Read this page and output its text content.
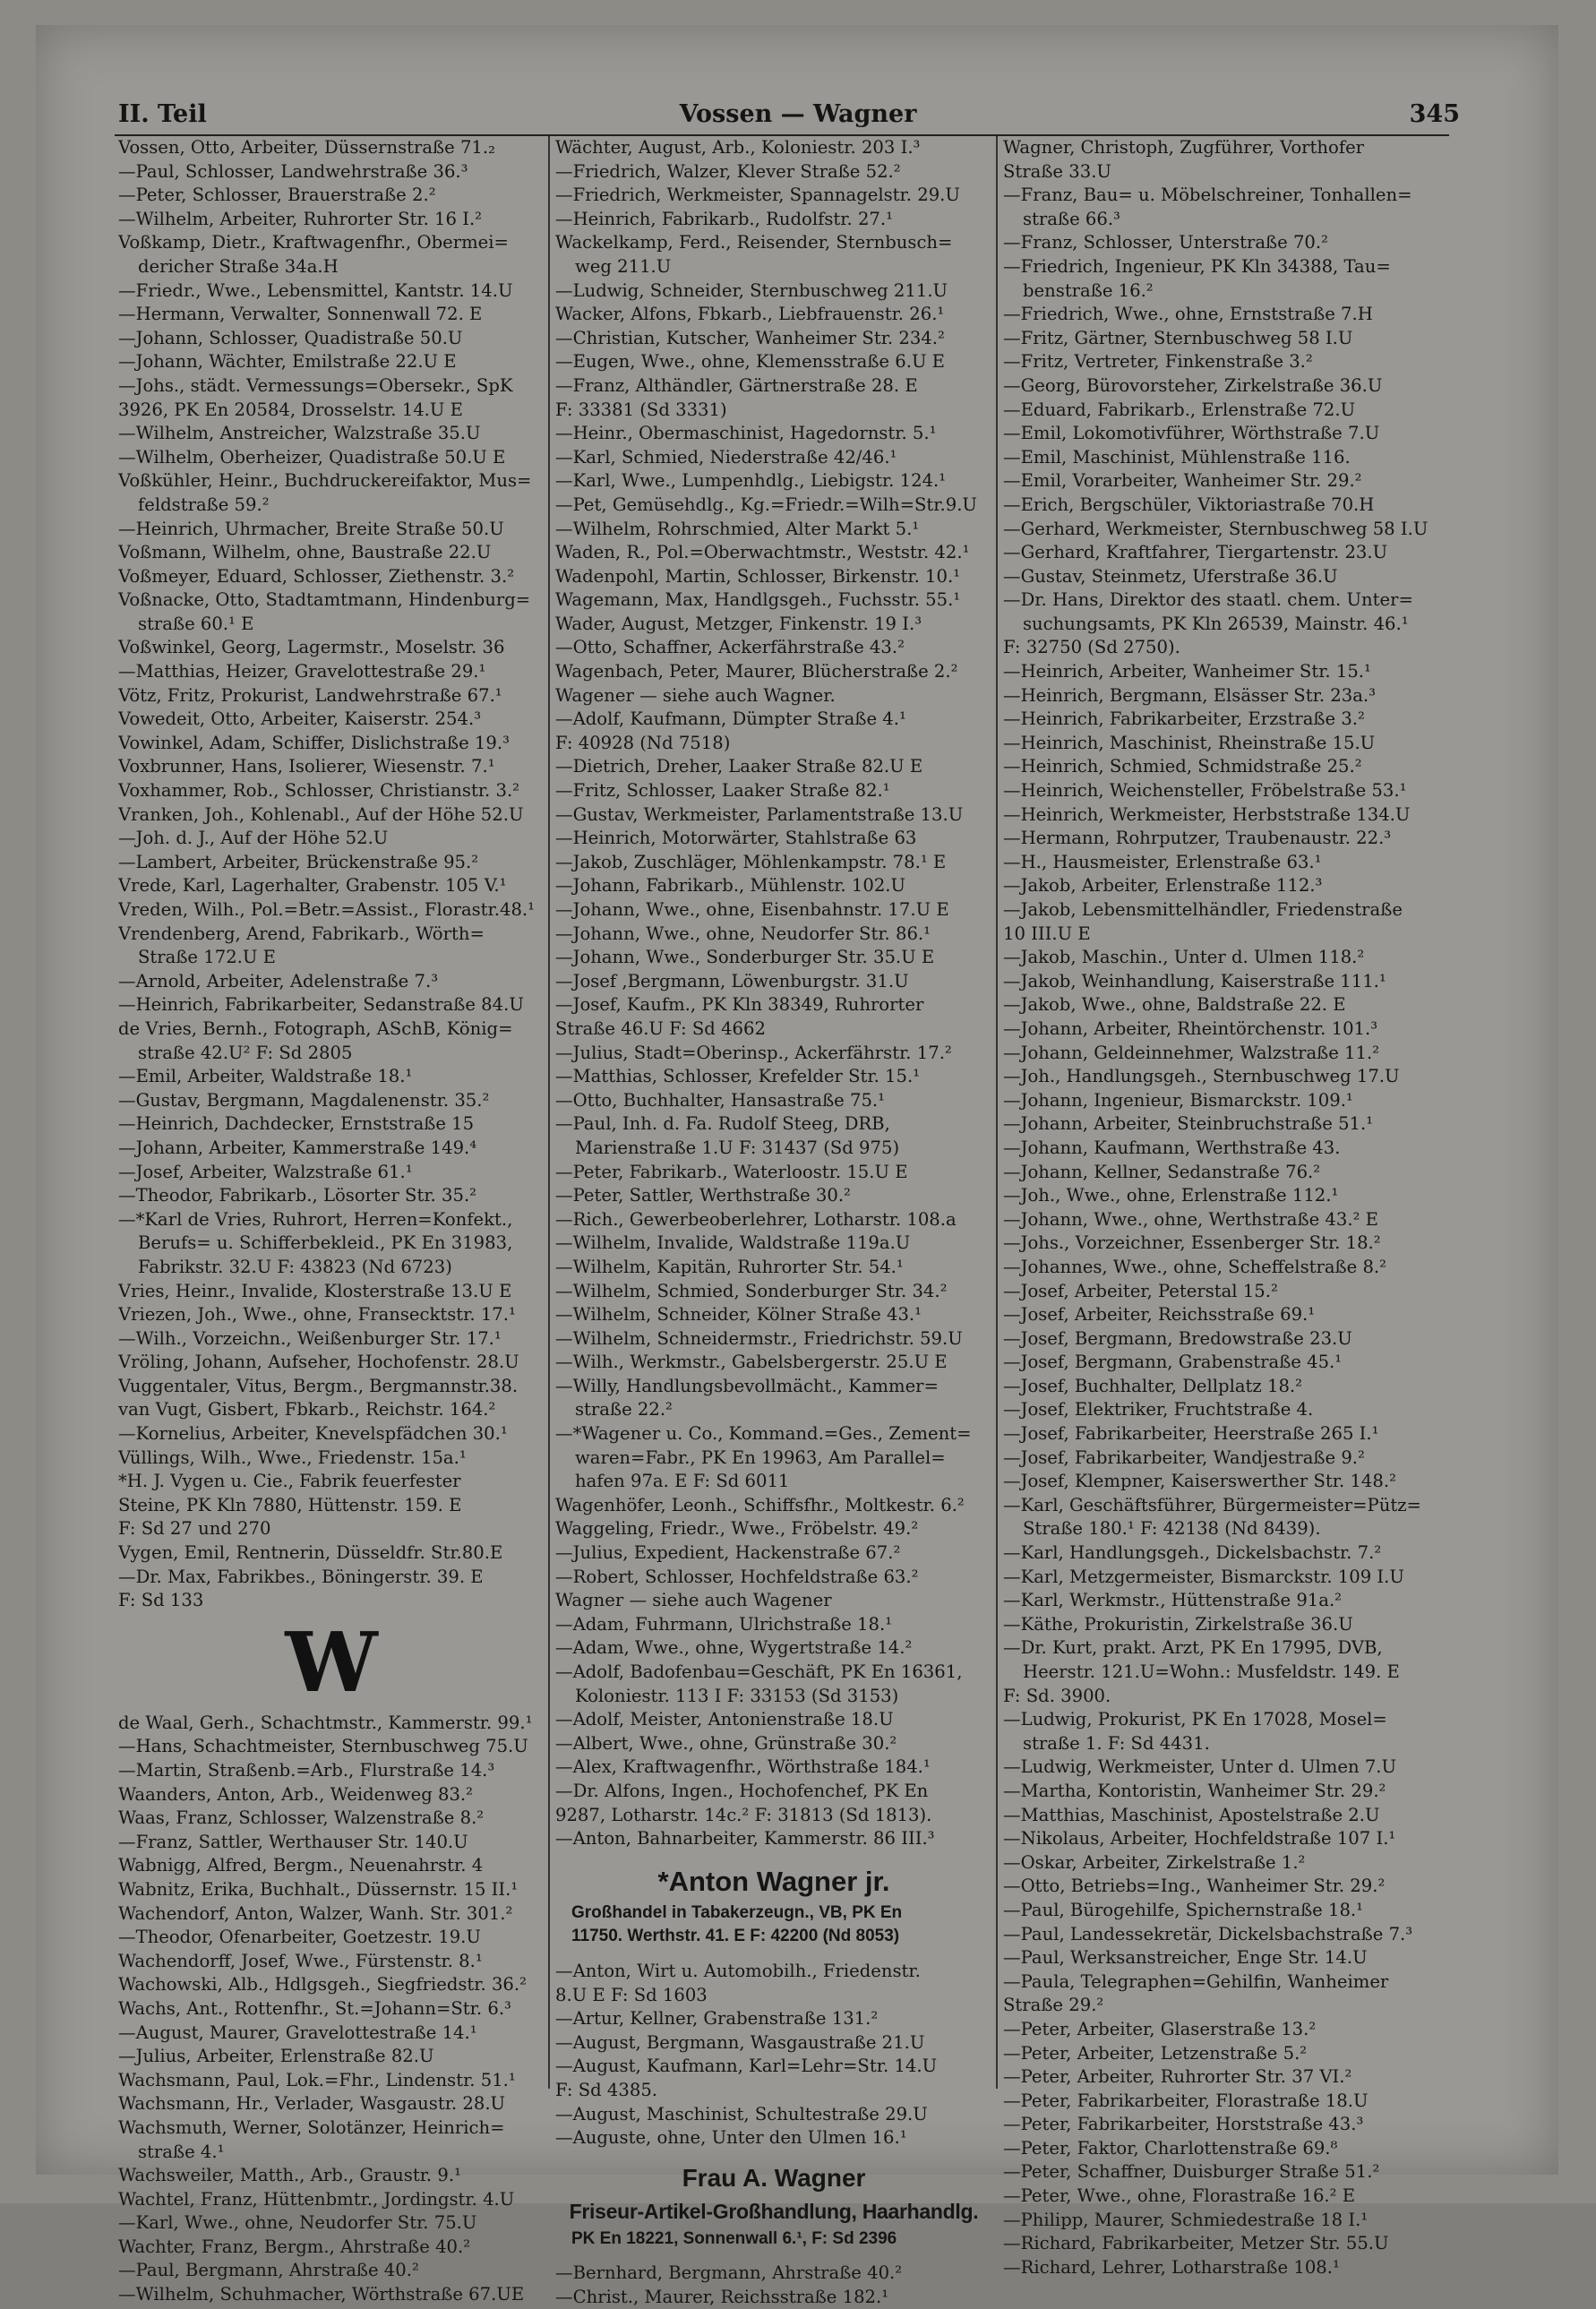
II. Teil	Vossen — Wagner	345
Vossen, Otto, Arbeiter, Düssernstraße 71.₂
—Paul, Schlosser, Landwehrstraße 36.³
—Peter, Schlosser, Brauerstraße 2.²
—Wilhelm, Arbeiter, Ruhrorter Str. 16 I.²
Voßkamp, Dietr., Kraftwagenfhr., Obermei=
dericher Straße 34a.H
—Friedr., Wwe., Lebensmittel, Kantstr. 14.U
—Hermann, Verwalter, Sonnenwall 72. E
—Johann, Schlosser, Quadistraße 50.U
—Johann, Wächter, Emilstraße 22.U E
—Johs., städt. Vermessungs=Obersekr., SpK
3926, PK En 20584, Drosselstr. 14.U E
—Wilhelm, Anstreicher, Walzstraße 35.U
—Wilhelm, Oberheizer, Quadistraße 50.U E
Voßkühler, Heinr., Buchdruckereifaktor, Mus=
feldstraße 59.²
—Heinrich, Uhrmacher, Breite Straße 50.U
Voßmann, Wilhelm, ohne, Baustraße 22.U
Voßmeyer, Eduard, Schlosser, Ziethenstr. 3.²
Voßnacke, Otto, Stadtamtmann, Hindenburg=
straße 60.¹ E
Voßwinkel, Georg, Lagermstr., Moselstr. 36
—Matthias, Heizer, Gravelottestraße 29.¹
Vötz, Fritz, Prokurist, Landwehrstraße 67.¹
Vowedeit, Otto, Arbeiter, Kaiserstr. 254.³
Vowinkel, Adam, Schiffer, Dislichstraße 19.³
Voxbrunner, Hans, Isolierer, Wiesenstr. 7.¹
Voxhammer, Rob., Schlosser, Christianstr. 3.²
Vranken, Joh., Kohlenabl., Auf der Höhe 52.U
—Joh. d. J., Auf der Höhe 52.U
—Lambert, Arbeiter, Brückenstraße 95.²
Vrede, Karl, Lagerhalter, Grabenstr. 105 V.¹
Vreden, Wilh., Pol.=Betr.=Assist., Florastr.48.¹
Vrendenberg, Arend, Fabrikarb., Wörth=
Straße 172.U E
—Arnold, Arbeiter, Adelenstraße 7.³
—Heinrich, Fabrikarbeiter, Sedanstraße 84.U
de Vries, Bernh., Fotograph, ASchB, König=
straße 42.U² F: Sd 2805
—Emil, Arbeiter, Waldstraße 18.¹
—Gustav, Bergmann, Magdalenenstr. 35.²
—Heinrich, Dachdecker, Ernststraße 15
—Johann, Arbeiter, Kammerstraße 149.⁴
—Josef, Arbeiter, Walzstraße 61.¹
—Theodor, Fabrikarb., Lösorter Str. 35.²
—*Karl de Vries, Ruhrort, Herren=Konfekt.,
Berufs= u. Schifferbekleid., PK En 31983,
Fabrikstr. 32.U F: 43823 (Nd 6723)
Vries, Heinr., Invalide, Klosterstraße 13.U E
Vriezen, Joh., Wwe., ohne, Fransecktstr. 17.¹
—Wilh., Vorzeichn., Weißenburger Str. 17.¹
Vröling, Johann, Aufseher, Hochofenstr. 28.U
Vuggentaler, Vitus, Bergm., Bergmannstr.38.
van Vugt, Gisbert, Fbkarb., Reichstr. 164.²
—Kornelius, Arbeiter, Knevelspfädchen 30.¹
Vüllings, Wilh., Wwe., Friedenstr. 15a.¹
*H. J. Vygen u. Cie., Fabrik feuerfester
Steine, PK Kln 7880, Hüttenstr. 159. E
F: Sd 27 und 270
Vygen, Emil, Rentnerin, Düsseldfr. Str.80.E
—Dr. Max, Fabrikbes., Böningerstr. 39. E
F: Sd 133
W
de Waal, Gerh., Schachtmstr., Kammerstr. 99.¹
—Hans, Schachtmeister, Sternbuschweg 75.U
—Martin, Straßenb.=Arb., Flurstraße 14.³
Waanders, Anton, Arb., Weidenweg 83.²
Waas, Franz, Schlosser, Walzenstraße 8.²
—Franz, Sattler, Werthauser Str. 140.U
Wabnigg, Alfred, Bergm., Neuenahrstr. 4
Wabnitz, Erika, Buchhalt., Düssernstr. 15 II.¹
Wachendorf, Anton, Walzer, Wanh. Str. 301.²
—Theodor, Ofenarbeiter, Goetzestr. 19.U
Wachendorff, Josef, Wwe., Fürstenstr. 8.¹
Wachowski, Alb., Hdlgsgeh., Siegfriedstr. 36.²
Wachs, Ant., Rottenfhr., St.=Johann=Str. 6.³
—August, Maurer, Gravelottestraße 14.¹
—Julius, Arbeiter, Erlenstraße 82.U
Wachsmann, Paul, Lok.=Fhr., Lindenstr. 51.¹
Wachsmann, Hr., Verlader, Wasgaustr. 28.U
Wachsmuth, Werner, Solotänzer, Heinrich=
straße 4.¹
Wachsweiler, Matth., Arb., Graustr. 9.¹
Wachtel, Franz, Hüttenbmtr., Jordingstr. 4.U
—Karl, Wwe., ohne, Neudorfer Str. 75.U
Wachter, Franz, Bergm., Ahrstraße 40.²
—Paul, Bergmann, Ahrstraße 40.²
—Wilhelm, Schuhmacher, Wörthstraße 67.UE
Wächter, August, Arb., Koloniestr. 203 I.³
—Friedrich, Walzer, Klever Straße 52.²
—Friedrich, Werkmeister, Spannagelstr. 29.U
—Heinrich, Fabrikarb., Rudolfstr. 27.¹
Wackelkamp, Ferd., Reisender, Sternbusch=
weg 211.U
—Ludwig, Schneider, Sternbuschweg 211.U
Wacker, Alfons, Fbkarb., Liebfrauenstr. 26.¹
—Christian, Kutscher, Wanheimer Str. 234.²
—Eugen, Wwe., ohne, Klemensstraße 6.U E
—Franz, Althändler, Gärtnerstraße 28. E
F: 33381 (Sd 3331)
—Heinr., Obermaschinist, Hagedornstr. 5.¹
—Karl, Schmied, Niederstraße 42/46.¹
—Karl, Wwe., Lumpenhdlg., Liebigstr. 124.¹
—Pet, Gemüsehdlg., Kg.=Friedr.=Wilh=Str.9.U
—Wilhelm, Rohrschmied, Alter Markt 5.¹
Waden, R., Pol.=Oberwachtmstr., Weststr. 42.¹
Wadenpohl, Martin, Schlosser, Birkenstr. 10.¹
Wagemann, Max, Handlgsgeh., Fuchsstr. 55.¹
Wader, August, Metzger, Finkenstr. 19 I.³
—Otto, Schaffner, Ackerfährstraße 43.²
Wagenbach, Peter, Maurer, Blücherstraße 2.²
Wagener — siehe auch Wagner.
—Adolf, Kaufmann, Dümpter Straße 4.¹
F: 40928 (Nd 7518)
—Dietrich, Dreher, Laaker Straße 82.U E
—Fritz, Schlosser, Laaker Straße 82.¹
—Gustav, Werkmeister, Parlamentstraße 13.U
—Heinrich, Motorwärter, Stahlstraße 63
—Jakob, Zuschläger, Möhlenkampstr. 78.¹ E
—Johann, Fabrikarb., Mühlenstr. 102.U
—Johann, Wwe., ohne, Eisenbahnstr. 17.U E
—Johann, Wwe., ohne, Neudorfer Str. 86.¹
—Johann, Wwe., Sonderburger Str. 35.U E
—Josef ,Bergmann, Löwenburgstr. 31.U
—Josef, Kaufm., PK Kln 38349, Ruhrorter
Straße 46.U F: Sd 4662
—Julius, Stadt=Oberinsp., Ackerfährstr. 17.²
—Matthias, Schlosser, Krefelder Str. 15.¹
—Otto, Buchhalter, Hansastraße 75.¹
—Paul, Inh. d. Fa. Rudolf Steeg, DRB,
Marienstraße 1.U F: 31437 (Sd 975)
—Peter, Fabrikarb., Waterloostr. 15.U E
—Peter, Sattler, Werthstraße 30.²
—Rich., Gewerbeoberlehrer, Lotharstr. 108.a
—Wilhelm, Invalide, Waldstraße 119a.U
—Wilhelm, Kapitän, Ruhrorter Str. 54.¹
—Wilhelm, Schmied, Sonderburger Str. 34.²
—Wilhelm, Schneider, Kölner Straße 43.¹
—Wilhelm, Schneidermstr., Friedrichstr. 59.U
—Wilh., Werkmstr., Gabelsbergerstr. 25.U E
—Willy, Handlungsbevollmächt., Kammer=
straße 22.²
—*Wagener u. Co., Kommand.=Ges., Zement=
waren=Fabr., PK En 19963, Am Parallel=
hafen 97a. E F: Sd 6011
Wagenhöfer, Leonh., Schiffsfhr., Moltkestr. 6.²
Waggeling, Friedr., Wwe., Fröbelstr. 49.²
—Julius, Expedient, Hackenstraße 67.²
—Robert, Schlosser, Hochfeldstraße 63.²
Wagner — siehe auch Wagener
—Adam, Fuhrmann, Ulrichstraße 18.¹
—Adam, Wwe., ohne, Wygertstraße 14.²
—Adolf, Badofenbau=Geschäft, PK En 16361,
Koloniestr. 113 I F: 33153 (Sd 3153)
—Adolf, Meister, Antonienstraße 18.U
—Albert, Wwe., ohne, Grünstraße 30.²
—Alex, Kraftwagenfhr., Wörthstraße 184.¹
—Dr. Alfons, Ingen., Hochofenchef, PK En
9287, Lotharstr. 14c.² F: 31813 (Sd 1813).
—Anton, Bahnarbeiter, Kammerstr. 86 III.³
*Anton Wagner jr.
Großhandel in Tabakerzeugn., VB, PK En
11750. Werthstr. 41. E F: 42200 (Nd 8053)
—Anton, Wirt u. Automobilh., Friedenstr.
8.U E F: Sd 1603
—Artur, Kellner, Grabenstraße 131.²
—August, Bergmann, Wasgaustraße 21.U
—August, Kaufmann, Karl=Lehr=Str. 14.U
F: Sd 4385.
—August, Maschinist, Schultestraße 29.U
—Auguste, ohne, Unter den Ulmen 16.¹
Frau A. Wagner
Friseur-Artikel-Großhandlung, Haarhandlg.
PK En 18221, Sonnenwall 6.¹, F: Sd 2396
—Bernhard, Bergmann, Ahrstraße 40.²
—Christ., Maurer, Reichsstraße 182.¹
Wagner, Christoph, Zugführer, Vorthofer
Straße 33.U
—Franz, Bau= u. Möbelschreiner, Tonhallen=
straße 66.³
—Franz, Schlosser, Unterstraße 70.²
—Friedrich, Ingenieur, PK Kln 34388, Tau=
benstraße 16.²
—Friedrich, Wwe., ohne, Ernststraße 7.H
—Fritz, Gärtner, Sternbuschweg 58 I.U
—Fritz, Vertreter, Finkenstraße 3.²
—Georg, Bürovorsteher, Zirkelstraße 36.U
—Eduard, Fabrikarb., Erlenstraße 72.U
—Emil, Lokomotivführer, Wörthstraße 7.U
—Emil, Maschinist, Mühlenstraße 116.
—Emil, Vorarbeiter, Wanheimer Str. 29.²
—Erich, Bergschüler, Viktoriastraße 70.H
—Gerhard, Werkmeister, Sternbuschweg 58 I.U
—Gerhard, Kraftfahrer, Tiergartenstr. 23.U
—Gustav, Steinmetz, Uferstraße 36.U
—Dr. Hans, Direktor des staatl. chem. Unter=
suchungsamts, PK Kln 26539, Mainstr. 46.¹
F: 32750 (Sd 2750).
—Heinrich, Arbeiter, Wanheimer Str. 15.¹
—Heinrich, Bergmann, Elsässer Str. 23a.³
—Heinrich, Fabrikarbeiter, Erzstraße 3.²
—Heinrich, Maschinist, Rheinstraße 15.U
—Heinrich, Schmied, Schmidstraße 25.²
—Heinrich, Weichensteller, Fröbelstraße 53.¹
—Heinrich, Werkmeister, Herbststraße 134.U
—Hermann, Rohrputzer, Traubenaustr. 22.³
—H., Hausmeister, Erlenstraße 63.¹
—Jakob, Arbeiter, Erlenstraße 112.³
—Jakob, Lebensmittelhändler, Friedenstraße
10 III.U E
—Jakob, Maschin., Unter d. Ulmen 118.²
—Jakob, Weinhandlung, Kaiserstraße 111.¹
—Jakob, Wwe., ohne, Baldstraße 22. E
—Johann, Arbeiter, Rheintörchenstr. 101.³
—Johann, Geldeinnehmer, Walzstraße 11.²
—Joh., Handlungsgeh., Sternbuschweg 17.U
—Johann, Ingenieur, Bismarckstr. 109.¹
—Johann, Arbeiter, Steinbruchstraße 51.¹
—Johann, Kaufmann, Werthstraße 43.
—Johann, Kellner, Sedanstraße 76.²
—Joh., Wwe., ohne, Erlenstraße 112.¹
—Johann, Wwe., ohne, Werthstraße 43.² E
—Johs., Vorzeichner, Essenberger Str. 18.²
—Johannes, Wwe., ohne, Scheffelstraße 8.²
—Josef, Arbeiter, Peterstal 15.²
—Josef, Arbeiter, Reichsstraße 69.¹
—Josef, Bergmann, Bredowstraße 23.U
—Josef, Bergmann, Grabenstraße 45.¹
—Josef, Buchhalter, Dellplatz 18.²
—Josef, Elektriker, Fruchtstraße 4.
—Josef, Fabrikarbeiter, Heerstraße 265 I.¹
—Josef, Fabrikarbeiter, Wandjestraße 9.²
—Josef, Klempner, Kaiserswerther Str. 148.²
—Karl, Geschäftsführer, Bürgermeister=Pütz=
Straße 180.¹ F: 42138 (Nd 8439).
—Karl, Handlungsgeh., Dickelsbachstr. 7.²
—Karl, Metzgermeister, Bismarckstr. 109 I.U
—Karl, Werkmstr., Hüttenstraße 91a.²
—Käthe, Prokuristin, Zirkelstraße 36.U
—Dr. Kurt, prakt. Arzt, PK En 17995, DVB,
Heerstr. 121.U=Wohn.: Musfeldstr. 149. E
F: Sd. 3900.
—Ludwig, Prokurist, PK En 17028, Mosel=
straße 1. F: Sd 4431.
—Ludwig, Werkmeister, Unter d. Ulmen 7.U
—Martha, Kontoristin, Wanheimer Str. 29.²
—Matthias, Maschinist, Apostelstraße 2.U
—Nikolaus, Arbeiter, Hochfeldstraße 107 I.¹
—Oskar, Arbeiter, Zirkelstraße 1.²
—Otto, Betriebs=Ing., Wanheimer Str. 29.²
—Paul, Bürogehilfe, Spichernstraße 18.¹
—Paul, Landessekretär, Dickelsbachstraße 7.³
—Paul, Werksanstreicher, Enge Str. 14.U
—Paula, Telegraphen=Gehilfin, Wanheimer
Straße 29.²
—Peter, Arbeiter, Glaserstraße 13.²
—Peter, Arbeiter, Letzenstraße 5.²
—Peter, Arbeiter, Ruhrorter Str. 37 VI.²
—Peter, Fabrikarbeiter, Florastraße 18.U
—Peter, Fabrikarbeiter, Horststraße 43.³
—Peter, Faktor, Charlottenstraße 69.⁸
—Peter, Schaffner, Duisburger Straße 51.²
—Peter, Wwe., ohne, Florastraße 16.² E
—Philipp, Maurer, Schmiedestraße 18 I.¹
—Richard, Fabrikarbeiter, Metzer Str. 55.U
—Richard, Lehrer, Lotharstraße 108.¹
